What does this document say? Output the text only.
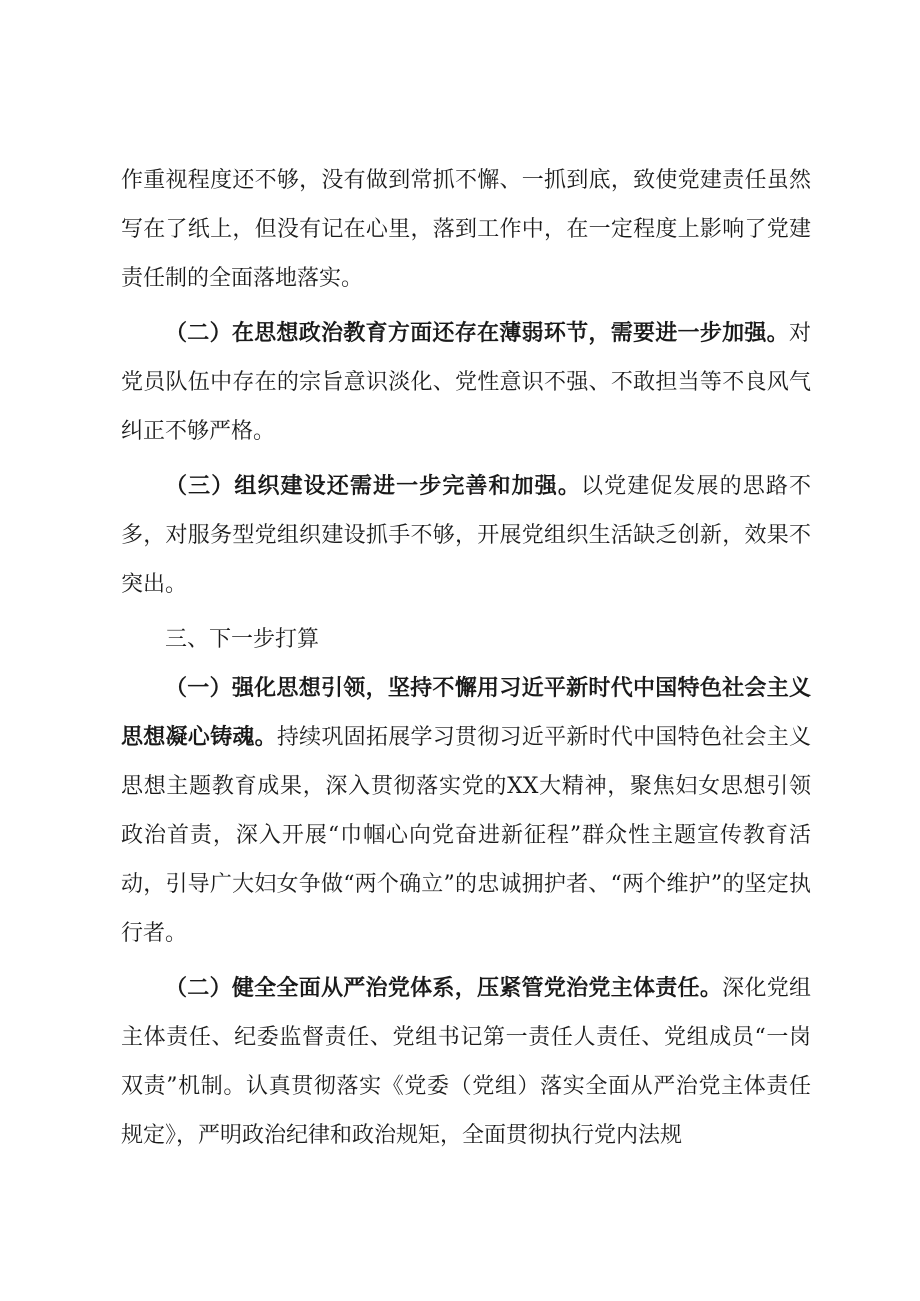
作重视程度还不够，没有做到常抓不懈、一抓到底，致使党建责任虽然写在了纸上，但没有记在心里，落到工作中，在一定程度上影响了党建责任制的全面落地落实。

（二）在思想政治教育方面还存在薄弱环节，需要进一步加强。对党员队伍中存在的宗旨意识淡化、党性意识不强、不敢担当等不良风气纠正不够严格。

（三）组织建设还需进一步完善和加强。以党建促发展的思路不多，对服务型党组织建设抓手不够，开展党组织生活缺乏创新，效果不突出。

三、下一步打算

（一）强化思想引领，坚持不懈用习近平新时代中国特色社会主义思想凝心铸魂。持续巩固拓展学习贯彻习近平新时代中国特色社会主义思想主题教育成果，深入贯彻落实党的XX大精神，聚焦妇女思想引领政治首责，深入开展“巾帼心向党奋进新征程”群众性主题宣传教育活动，引导广大妇女争做“两个确立”的忠诚拥护者、“两个维护”的坚定执行者。

（二）健全全面从严治党体系，压紧管党治党主体责任。深化党组主体责任、纪委监督责任、党组书记第一责任人责任、党组成员“一岗双责”机制。认真贯彻落实《党委（党组）落实全面从严治党主体责任规定》，严明政治纪律和政治规矩，全面贯彻执行党内法规
